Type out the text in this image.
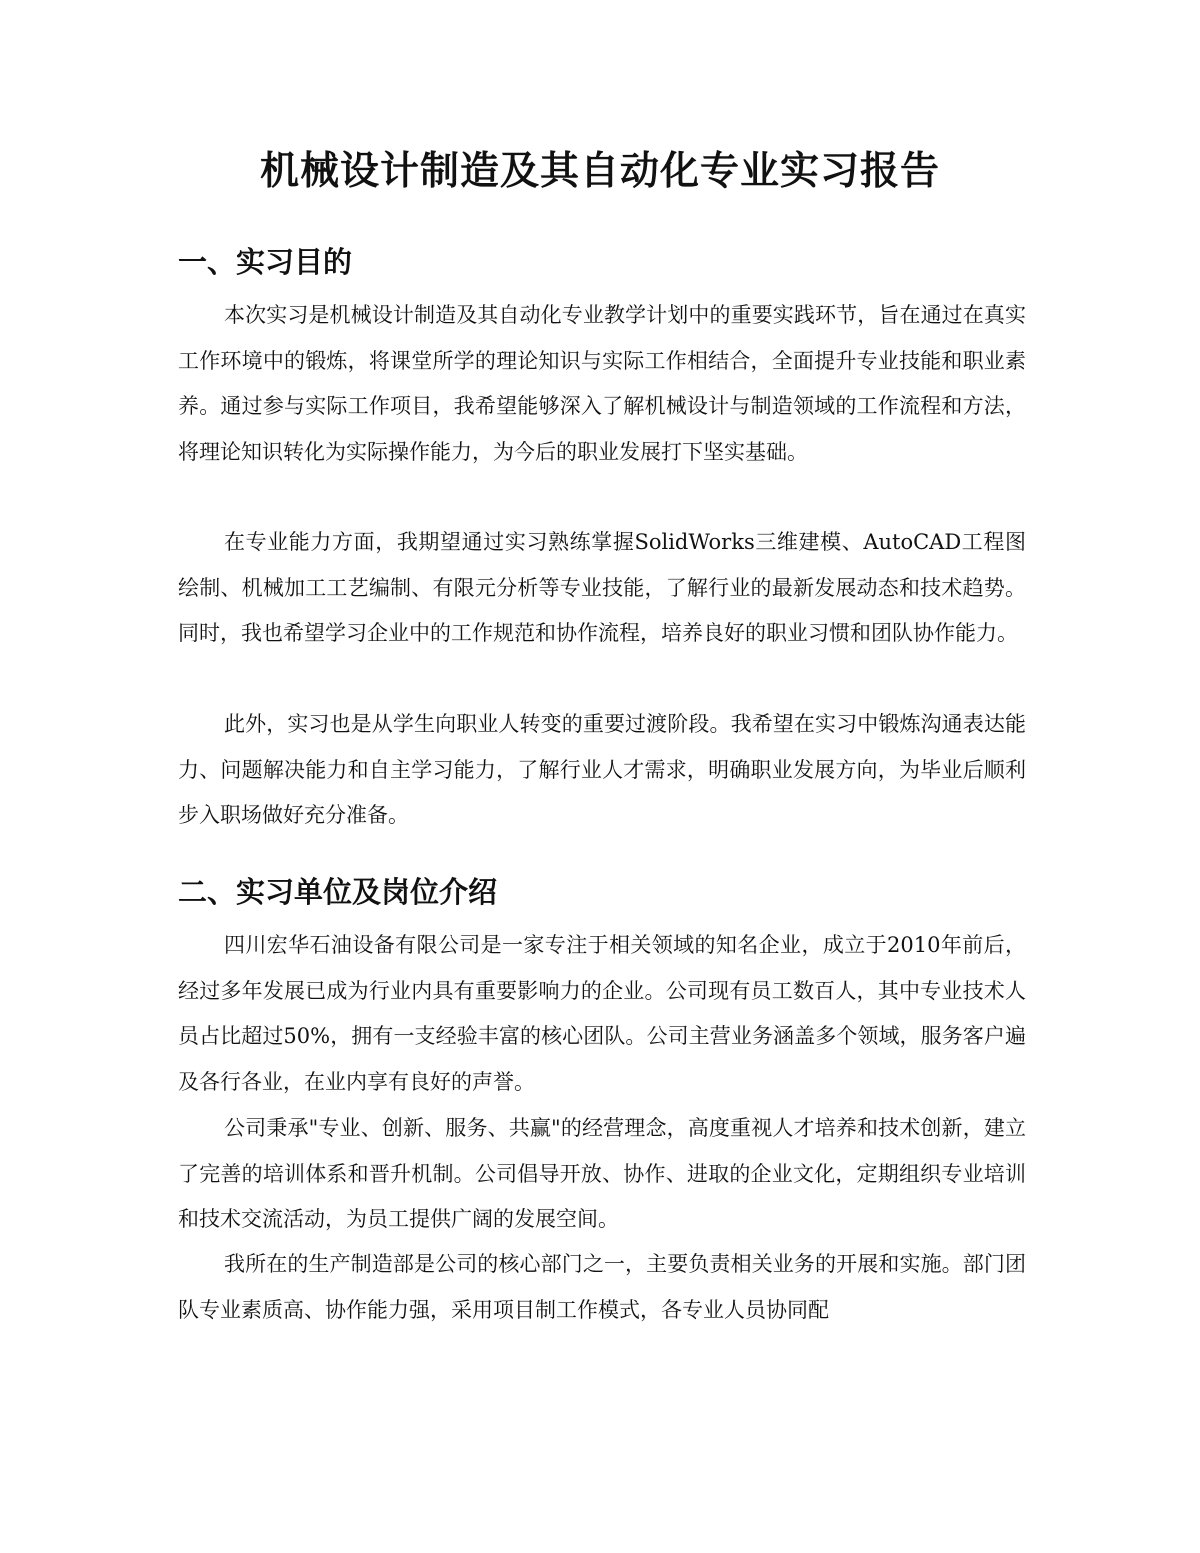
机械设计制造及其自动化专业实习报告
一、实习目的

本次实习是机械设计制造及其自动化专业教学计划中的重要实践环节，旨在通过在真实工作环境中的锻炼，将课堂所学的理论知识与实际工作相结合，全面提升专业技能和职业素养。通过参与实际工作项目，我希望能够深入了解机械设计与制造领域的工作流程和方法，将理论知识转化为实际操作能力，为今后的职业发展打下坚实基础。

在专业能力方面，我期望通过实习熟练掌握SolidWorks三维建模、AutoCAD工程图绘制、机械加工工艺编制、有限元分析等专业技能，了解行业的最新发展动态和技术趋势。同时，我也希望学习企业中的工作规范和协作流程，培养良好的职业习惯和团队协作能力。

此外，实习也是从学生向职业人转变的重要过渡阶段。我希望在实习中锻炼沟通表达能力、问题解决能力和自主学习能力，了解行业人才需求，明确职业发展方向，为毕业后顺利步入职场做好充分准备。

二、实习单位及岗位介绍

四川宏华石油设备有限公司是一家专注于相关领域的知名企业，成立于2010年前后，经过多年发展已成为行业内具有重要影响力的企业。公司现有员工数百人，其中专业技术人员占比超过50%，拥有一支经验丰富的核心团队。公司主营业务涵盖多个领域，服务客户遍及各行各业，在业内享有良好的声誉。

公司秉承"专业、创新、服务、共赢"的经营理念，高度重视人才培养和技术创新，建立了完善的培训体系和晋升机制。公司倡导开放、协作、进取的企业文化，定期组织专业培训和技术交流活动，为员工提供广阔的发展空间。

我所在的生产制造部是公司的核心部门之一，主要负责相关业务的开展和实施。部门团队专业素质高、协作能力强，采用项目制工作模式，各专业人员协同配
